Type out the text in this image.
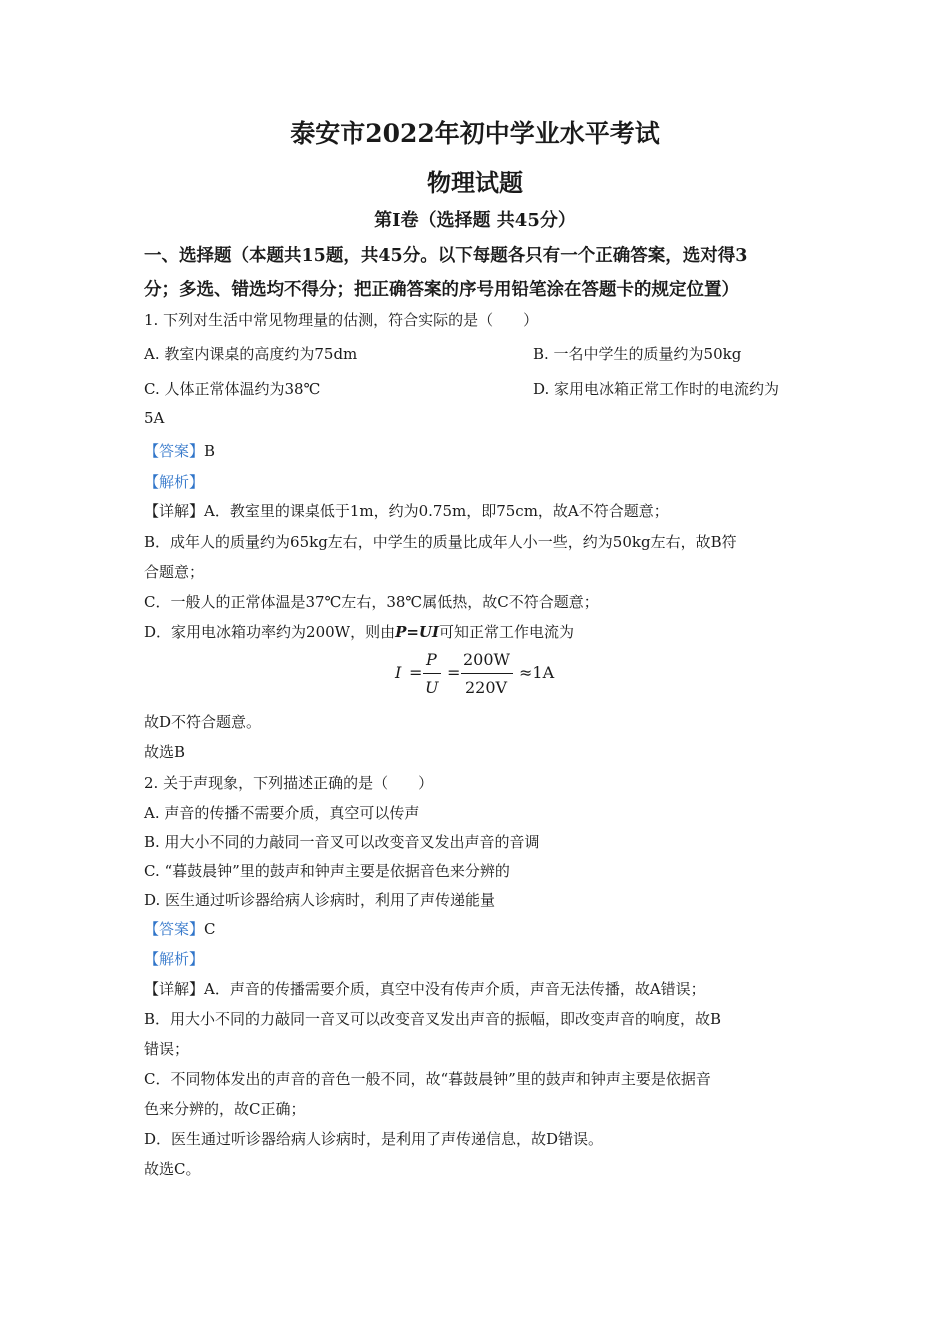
泰安市2022年初中学业水平考试
物理试题
第Ⅰ卷（选择题 共45分）
一、选择题（本题共15题，共45分。以下每题各只有一个正确答案，选对得3
分；多选、错选均不得分；把正确答案的序号用铅笔涂在答题卡的规定位置）
1. 下列对生活中常见物理量的估测，符合实际的是（　　）
A. 教室内课桌的高度约为75dm	B. 一名中学生的质量约为50kg
C. 人体正常体温约为38℃	D. 家用电冰箱正常工作时的电流约为
5A
【答案】B
【解析】
【详解】A．教室里的课桌低于1m，约为0.75m，即75cm，故A不符合题意；
B．成年人的质量约为65kg左右，中学生的质量比成年人小一些，约为50kg左右，故B符
合题意；
C．一般人的正常体温是37℃左右，38℃属低热，故C不符合题意；
D．家用电冰箱功率约为200W，则由P=UI可知正常工作电流为
I =
P
U
=
200W
220V
≈1A
故D不符合题意。
故选B
2. 关于声现象，下列描述正确的是（　　）
A. 声音的传播不需要介质，真空可以传声
B. 用大小不同的力敲同一音叉可以改变音叉发出声音的音调
C. “暮鼓晨钟”里的鼓声和钟声主要是依据音色来分辨的
D. 医生通过听诊器给病人诊病时，利用了声传递能量
【答案】C
【解析】
【详解】A．声音的传播需要介质，真空中没有传声介质，声音无法传播，故A错误；
B．用大小不同的力敲同一音叉可以改变音叉发出声音的振幅，即改变声音的响度，故B
错误；
C．不同物体发出的声音的音色一般不同，故“暮鼓晨钟”里的鼓声和钟声主要是依据音
色来分辨的，故C正确；
D．医生通过听诊器给病人诊病时，是利用了声传递信息，故D错误。
故选C。
